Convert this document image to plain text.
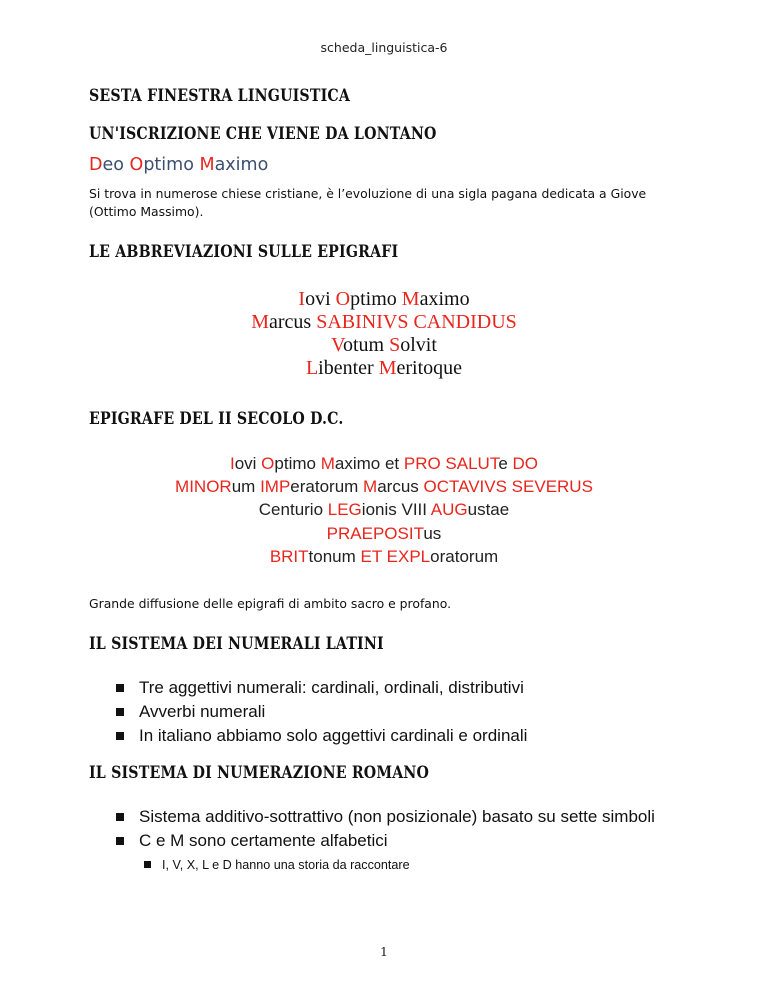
scheda_linguistica-6
SESTA FINESTRA LINGUISTICA
UN'ISCRIZIONE CHE VIENE DA LONTANO
Deo Optimo Maximo

Si trova in numerose chiese cristiane, è l’evoluzione di una sigla pagana dedicata a Giove (Ottimo Massimo).

LE ABBREVIAZIONI SULLE EPIGRAFI
Iovi Optimo Maximo
Marcus SABINIVS CANDIDUS
Votum Solvit
Libenter Meritoque
EPIGRAFE DEL II SECOLO D.C.
Iovi Optimo Maximo et PRO SALUTe DO
MINORum IMPeratorum Marcus OCTAVIVS SEVERUS
Centurio LEGionis VIII AUGustae
PRAEPOSITus
BRITtonum ET EXPLoratorum

Grande diffusione delle epigrafi di ambito sacro e profano.

IL SISTEMA DEI NUMERALI LATINI
Tre aggettivi numerali: cardinali, ordinali, distributivi
Avverbi numerali
In italiano abbiamo solo aggettivi cardinali e ordinali
IL SISTEMA DI NUMERAZIONE ROMANO
Sistema additivo-sottrattivo (non posizionale) basato su sette simboli
C e M sono certamente alfabetici
I, V, X, L e D hanno una storia da raccontare
1
